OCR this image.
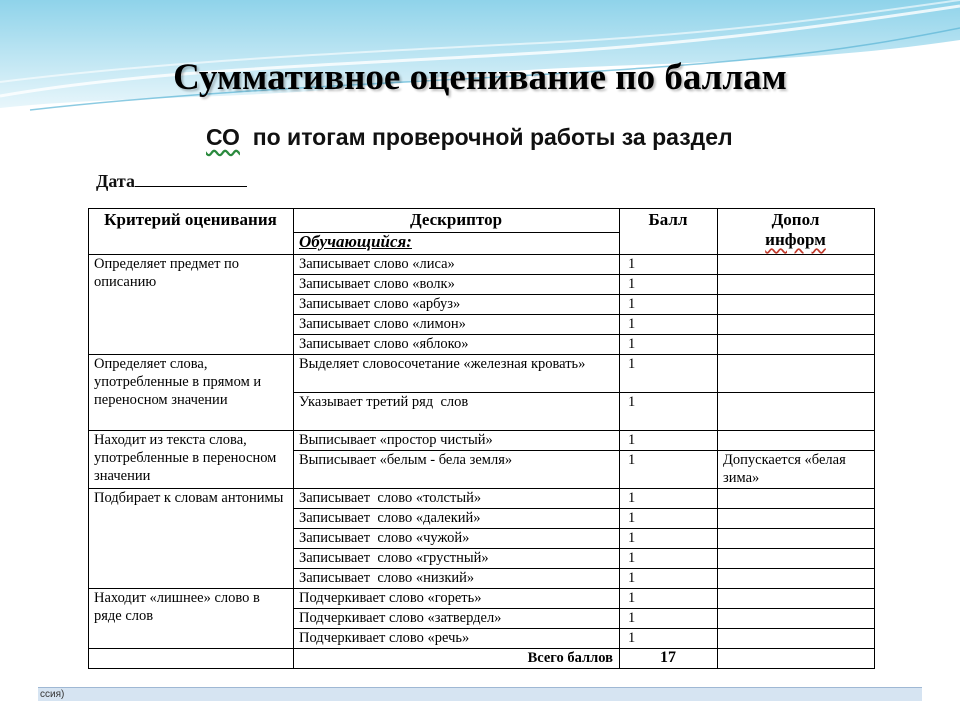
Суммативное оценивание по баллам
СО  по итогам проверочной работы за раздел
Дата
Критерий оценивания	Дескриптор	Балл	Допол
информ
	Обучающийся:		
Определяет предмет по описанию	Записывает слово «лиса»	1	
	Записывает слово «волк»	1	
	Записывает слово «арбуз»	1	
	Записывает слово «лимон»	1	
	Записывает слово «яблоко»	1	
Определяет слова, употребленные в прямом и переносном значении	Выделяет словосочетание «железная кровать»	1	
	Указывает третий ряд  слов	1	
Находит из текста слова, употребленные в переносном значении	Выписывает «простор чистый»	1	
	Выписывает «белым - бела земля»	1	Допускается «белая зима»
Подбирает к словам антонимы	Записывает  слово «толстый»	1	
	Записывает  слово «далекий»	1	
	Записывает  слово «чужой»	1	
	Записывает  слово «грустный»	1	
	Записывает  слово «низкий»	1	
Находит «лишнее» слово в ряде слов	Подчеркивает слово «гореть»	1	
	Подчеркивает слово «затвердел»	1	
	Подчеркивает слово «речь»	1	
	Всего баллов	17	
ссия)
